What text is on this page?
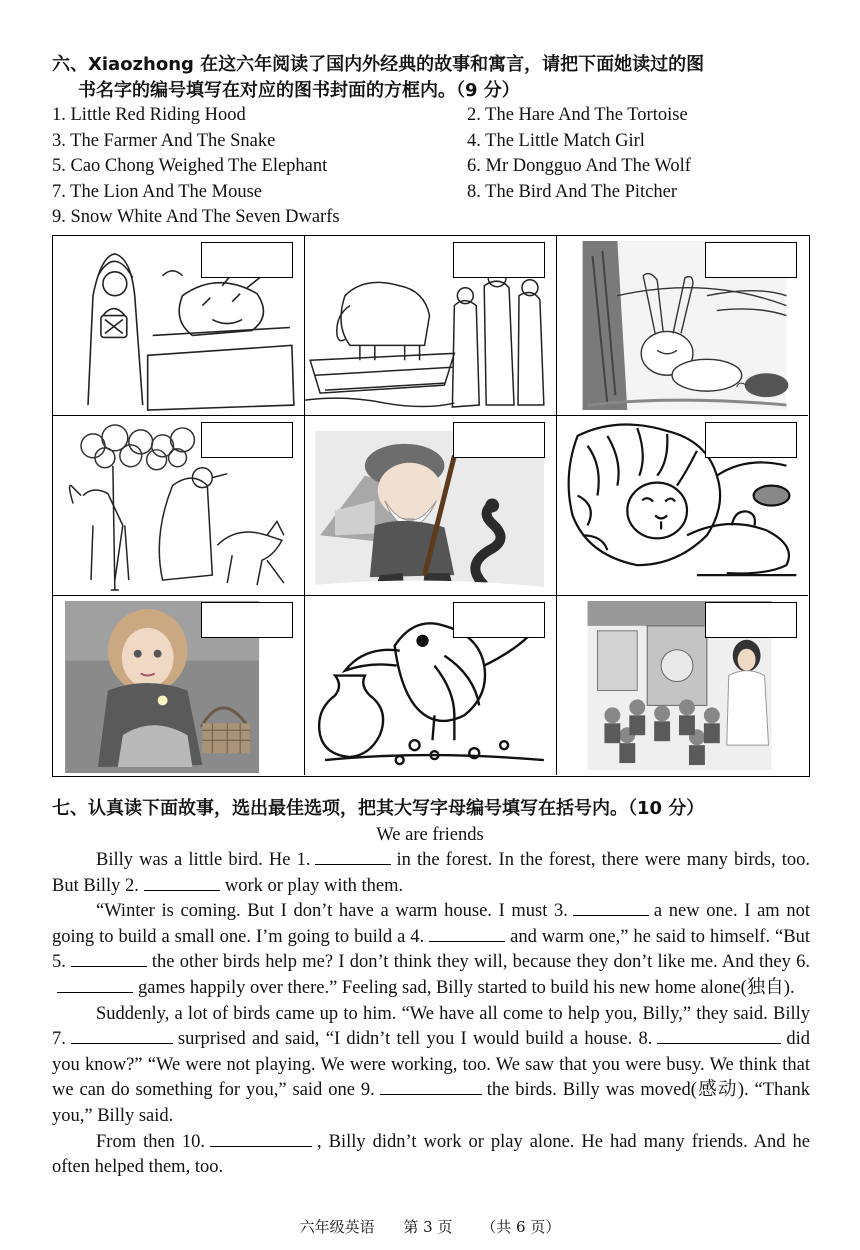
六、Xiaozhong 在这六年阅读了国内外经典的故事和寓言，请把下面她读过的图
书名字的编号填写在对应的图书封面的方框内。（9 分）
1. Little Red Riding Hood	2. The Hare And The Tortoise
3. The Farmer And The Snake	4. The Little Match Girl
5. Cao Chong Weighed The Elephant	6. Mr Dongguo And The Wolf
7. The Lion And The Mouse	8. The Bird And The Pitcher
9. Snow White And The Seven Dwarfs
七、认真读下面故事，选出最佳选项，把其大写字母编号填写在括号内。（10 分）
We are friends

Billy was a little bird. He 1.	in the forest. In the forest, there were many birds, too. But Billy 2.	work or play with them.

“Winter is coming. But I don’t have a warm house. I must 3.	a new one. I am not going to build a small one. I’m going to build a 4.	and warm one,” he said to himself. “But 5.	the other birds help me? I don’t think they will, because they don’t like me. And they 6.games happily over there.” Feeling sad, Billy started to build his new home alone(独自).

Suddenly, a lot of birds came up to him. “We have all come to help you, Billy,” they said. Billy 7.	surprised and said, “I didn’t tell you I would build a house. 8.	did you know?” “We were not playing. We were working, too. We saw that you were busy. We think that we can do something for you,” said one 9.	the birds. Billy was moved(感动). “Thank you,” Billy said.

From then 10.	, Billy didn’t work or play alone. He had many friends. And he often helped them, too.

六年级英语 第 3 页 （共 6 页）
